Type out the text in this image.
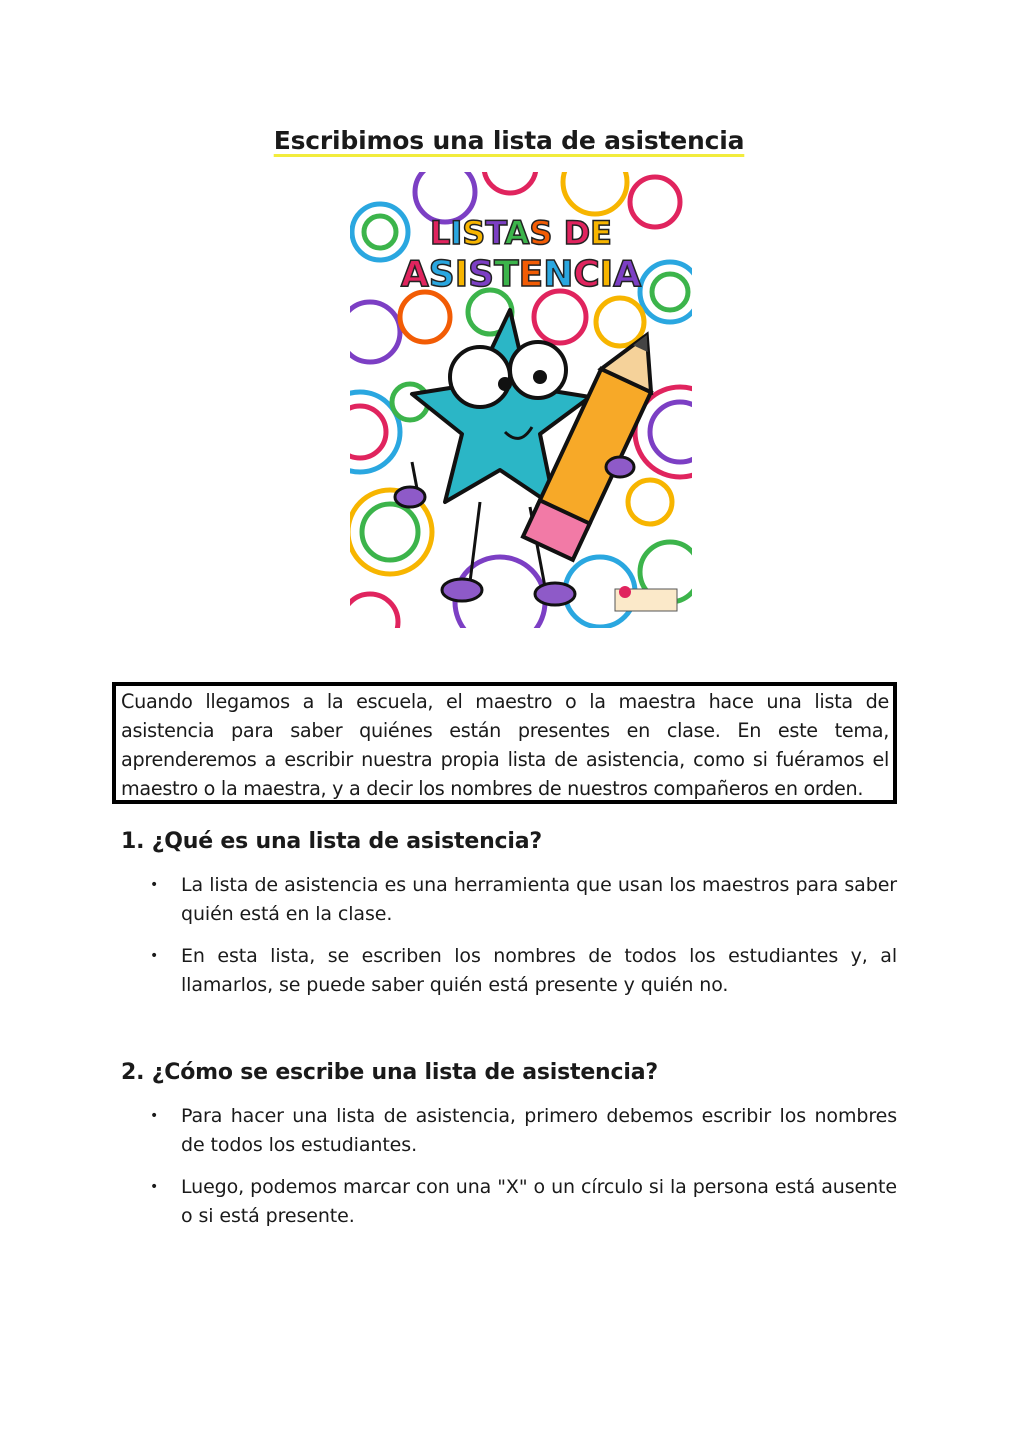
Escribimos una lista de asistencia
LISTAS DE
ASISTENCIA
Cuando llegamos a la escuela, el maestro o la maestra hace una lista de asistencia para saber quiénes están presentes en clase. En este tema, aprenderemos a escribir nuestra propia lista de asistencia, como si fuéramos el maestro o la maestra, y a decir los nombres de nuestros compañeros en orden.
1. ¿Qué es una lista de asistencia?
• La lista de asistencia es una herramienta que usan los maestros para saber quién está en la clase.
• En esta lista, se escriben los nombres de todos los estudiantes y, al llamarlos, se puede saber quién está presente y quién no.
2. ¿Cómo se escribe una lista de asistencia?
• Para hacer una lista de asistencia, primero debemos escribir los nombres de todos los estudiantes.
• Luego, podemos marcar con una "X" o un círculo si la persona está ausente o si está presente.
